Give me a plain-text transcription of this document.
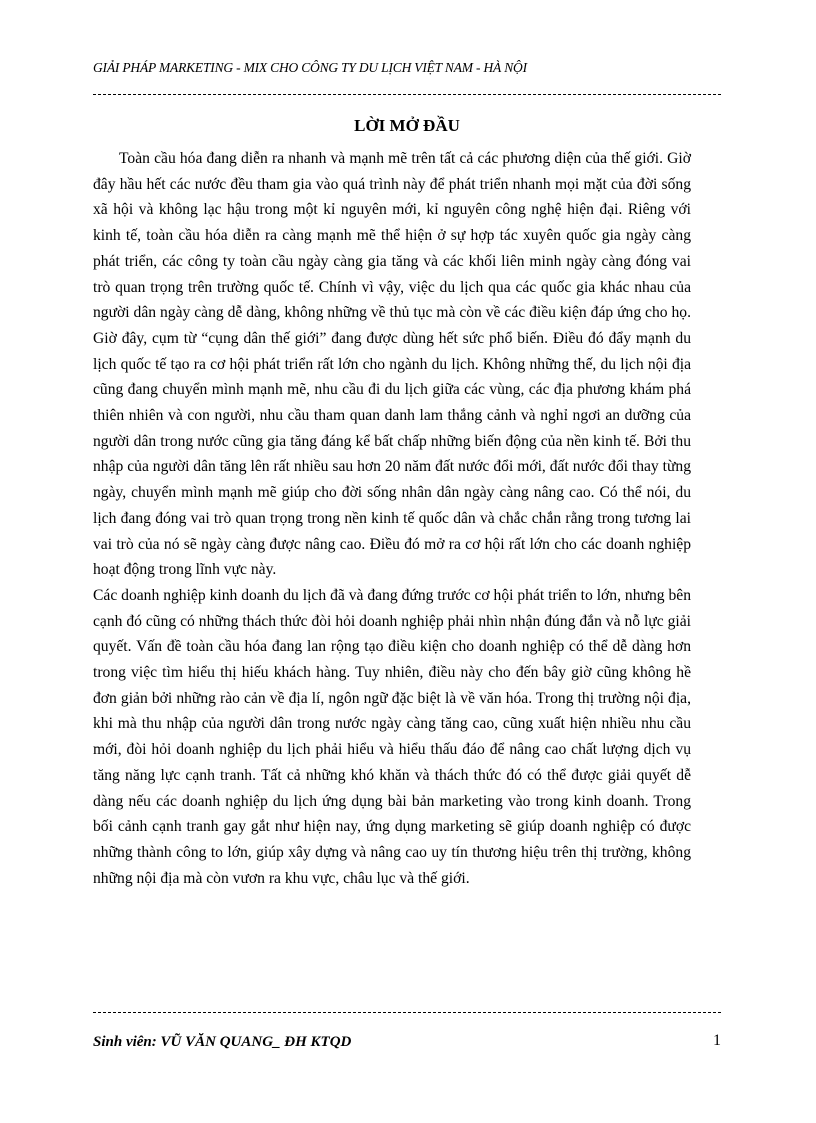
GIẢI PHÁP MARKETING - MIX CHO CÔNG TY DU LỊCH VIỆT NAM - HÀ NỘI
LỜI MỞ ĐẦU

Toàn cầu hóa đang diễn ra nhanh và mạnh mẽ trên tất cả các phương diện của thế giới. Giờ đây hầu hết các nước đều tham gia vào quá trình này để phát triển nhanh mọi mặt của đời sống xã hội và không lạc hậu trong một kỉ nguyên mới, kỉ nguyên công nghệ hiện đại. Riêng với kinh tế, toàn cầu hóa diễn ra càng mạnh mẽ thể hiện ở sự hợp tác xuyên quốc gia ngày càng phát triển, các công ty toàn cầu ngày càng gia tăng và các khối liên minh ngày càng đóng vai trò quan trọng trên trường quốc tế. Chính vì vậy, việc du lịch qua các quốc gia khác nhau của người dân ngày càng dễ dàng, không những về thủ tục mà còn về các điều kiện đáp ứng cho họ. Giờ đây, cụm từ “cụng dân thế giới” đang được dùng hết sức phổ biến. Điều đó đẩy mạnh du lịch quốc tế tạo ra cơ hội phát triển rất lớn cho ngành du lịch. Không những thế, du lịch nội địa cũng đang chuyển mình mạnh mẽ, nhu cầu đi du lịch giữa các vùng, các địa phương khám phá thiên nhiên và con người, nhu cầu tham quan danh lam thắng cảnh và nghỉ ngơi an dưỡng của người dân trong nước cũng gia tăng đáng kể bất chấp những biến động của nền kinh tế. Bởi thu nhập của người dân tăng lên rất nhiều sau hơn 20 năm đất nước đổi mới, đất nước đổi thay từng ngày, chuyển mình mạnh mẽ giúp cho đời sống nhân dân ngày càng nâng cao. Có thể nói, du lịch đang đóng vai trò quan trọng trong nền kinh tế quốc dân và chắc chắn rằng trong tương lai vai trò của nó sẽ ngày càng được nâng cao. Điều đó mở ra cơ hội rất lớn cho các doanh nghiệp hoạt động trong lĩnh vực này.

Các doanh nghiệp kinh doanh du lịch đã và đang đứng trước cơ hội phát triển to lớn, nhưng bên cạnh đó cũng có những thách thức đòi hỏi doanh nghiệp phải nhìn nhận đúng đắn và nỗ lực giải quyết. Vấn đề toàn cầu hóa đang lan rộng tạo điều kiện cho doanh nghiệp có thể dễ dàng hơn trong việc tìm hiểu thị hiếu khách hàng. Tuy nhiên, điều này cho đến bây giờ cũng không hề đơn giản bởi những rào cản về địa lí, ngôn ngữ đặc biệt là về văn hóa. Trong thị trường nội địa, khi mà thu nhập của người dân trong nước ngày càng tăng cao, cũng xuất hiện nhiều nhu cầu mới, đòi hỏi doanh nghiệp du lịch phải hiểu và hiểu thấu đáo để nâng cao chất lượng dịch vụ tăng năng lực cạnh tranh. Tất cả những khó khăn và thách thức đó có thể được giải quyết dễ dàng nếu các doanh nghiệp du lịch ứng dụng bài bản marketing vào trong kinh doanh. Trong bối cảnh cạnh tranh gay gắt như hiện nay, ứng dụng marketing sẽ giúp doanh nghiệp có được những thành công to lớn, giúp xây dựng và nâng cao uy tín thương hiệu trên thị trường, không những nội địa mà còn vươn ra khu vực, châu lục và thế giới.

Sinh viên: VŨ VĂN QUANG_ ĐH KTQD	1
